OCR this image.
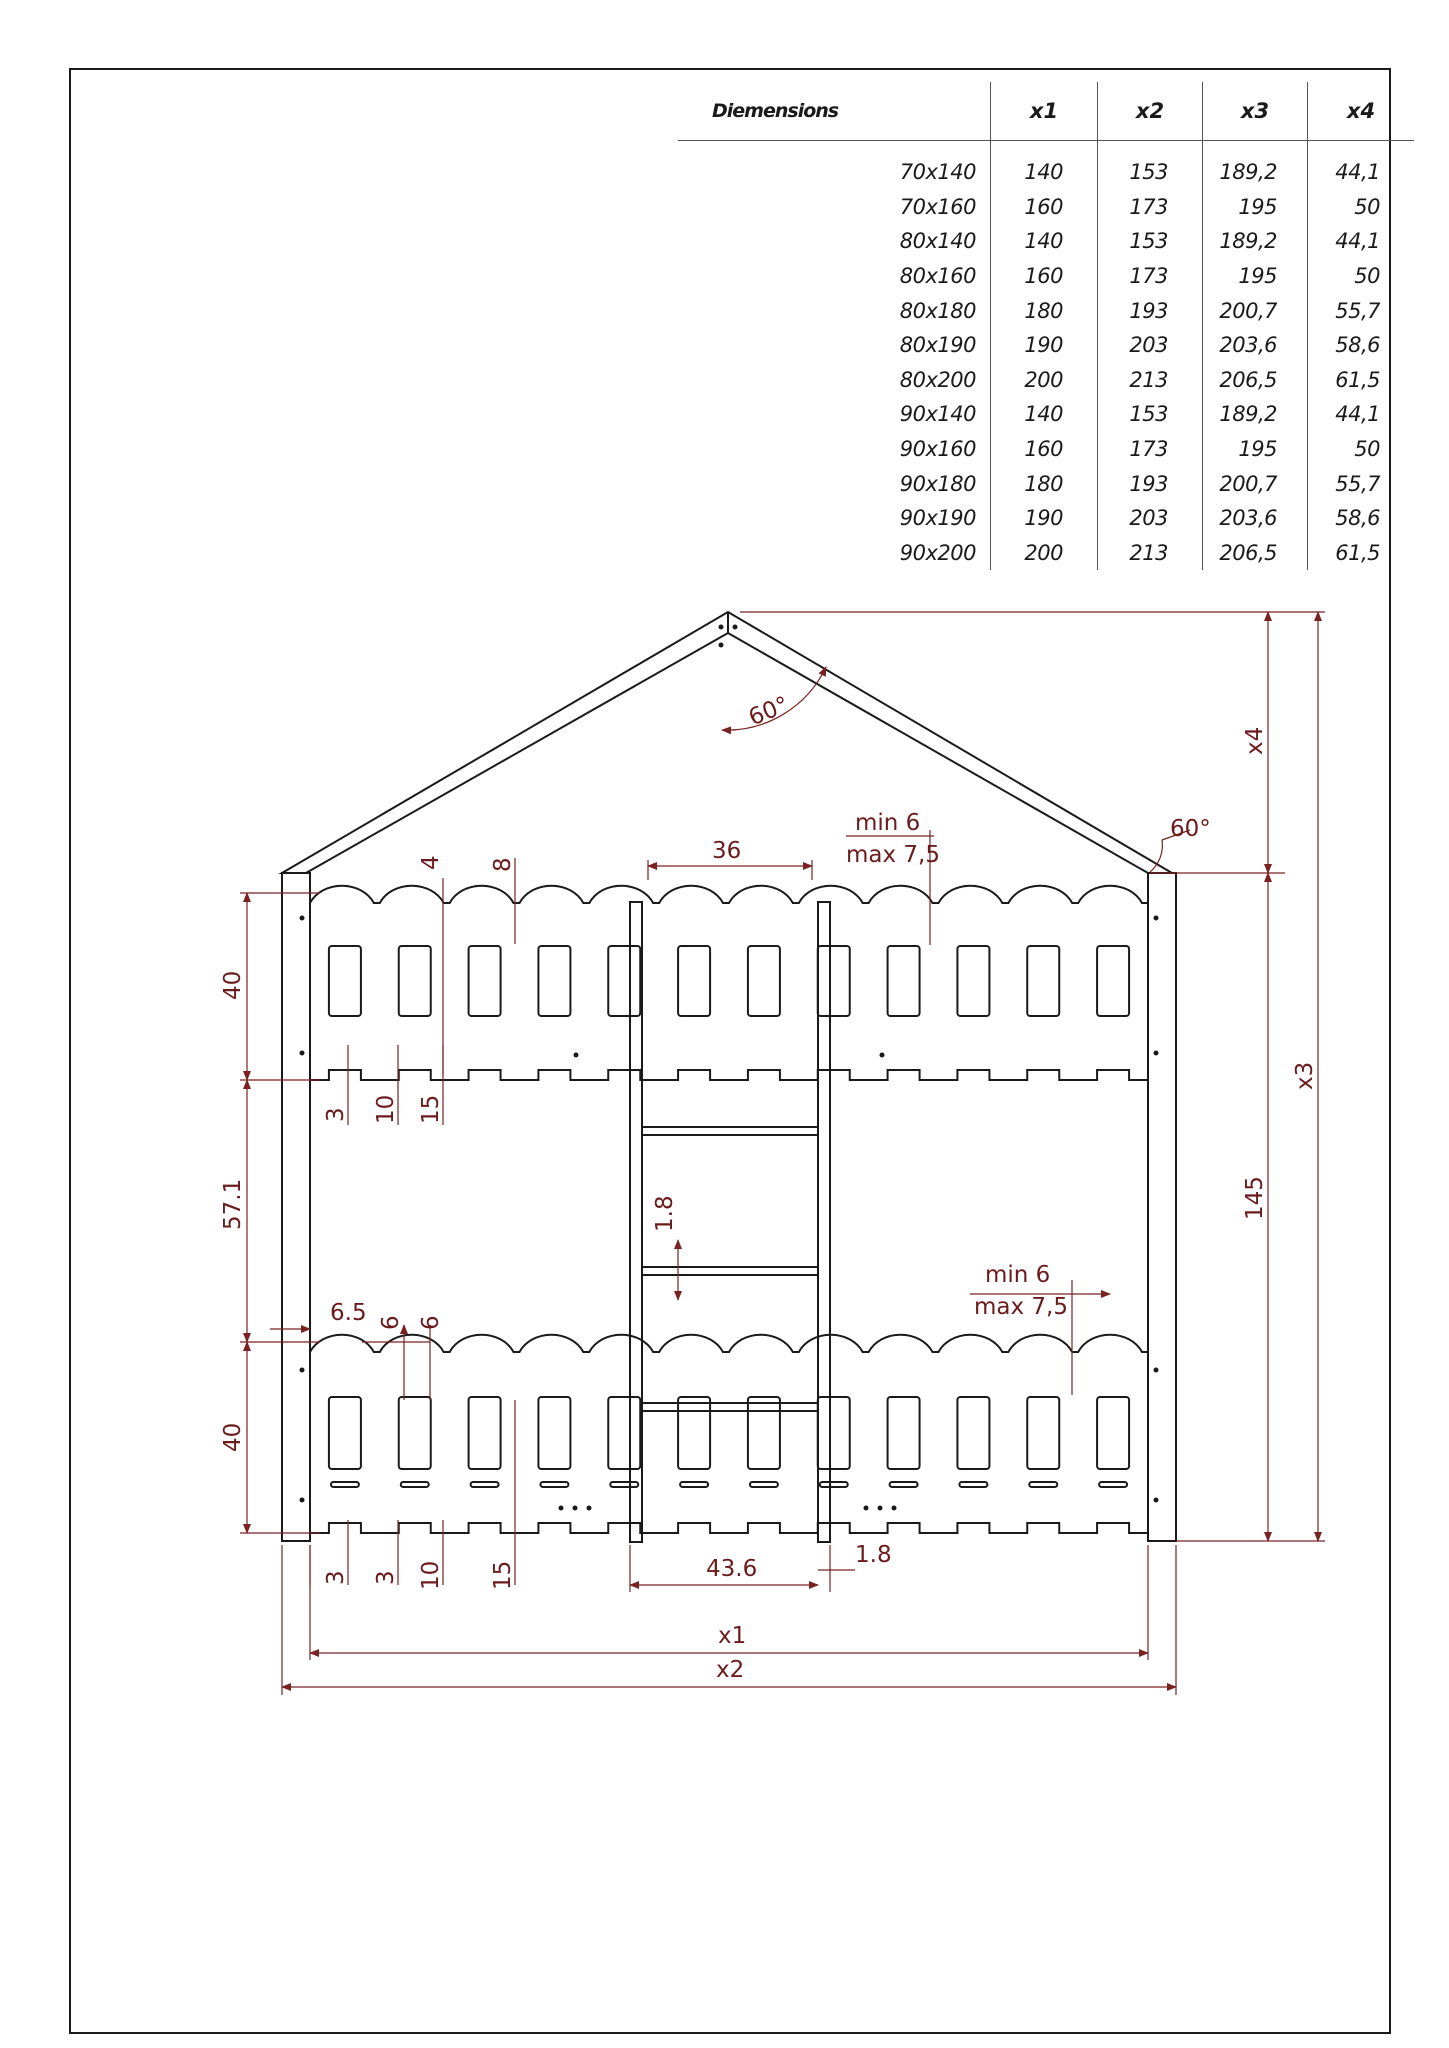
Diemensions	x1	x2	x3	x4
70x140	140	153	189,2	44,1
70x160	160	173	195	50
80x140	140	153	189,2	44,1
80x160	160	173	195	50
80x180	180	193	200,7	55,7
80x190	190	203	203,6	58,6
80x200	200	213	206,5	61,5
90x140	140	153	189,2	44,1
90x160	160	173	195	50
90x180	180	193	200,7	55,7
90x190	190	203	203,6	58,6
90x200	200	213	206,5	61,5
60°
60°
x4
145
x3
40
57.1
40
4 8
36
min 6
max 7,5
3 10 15
1.8
min 6
max 7,5
6.5 6 6
3 3 10 15	43.6
1.8
x1
x2
